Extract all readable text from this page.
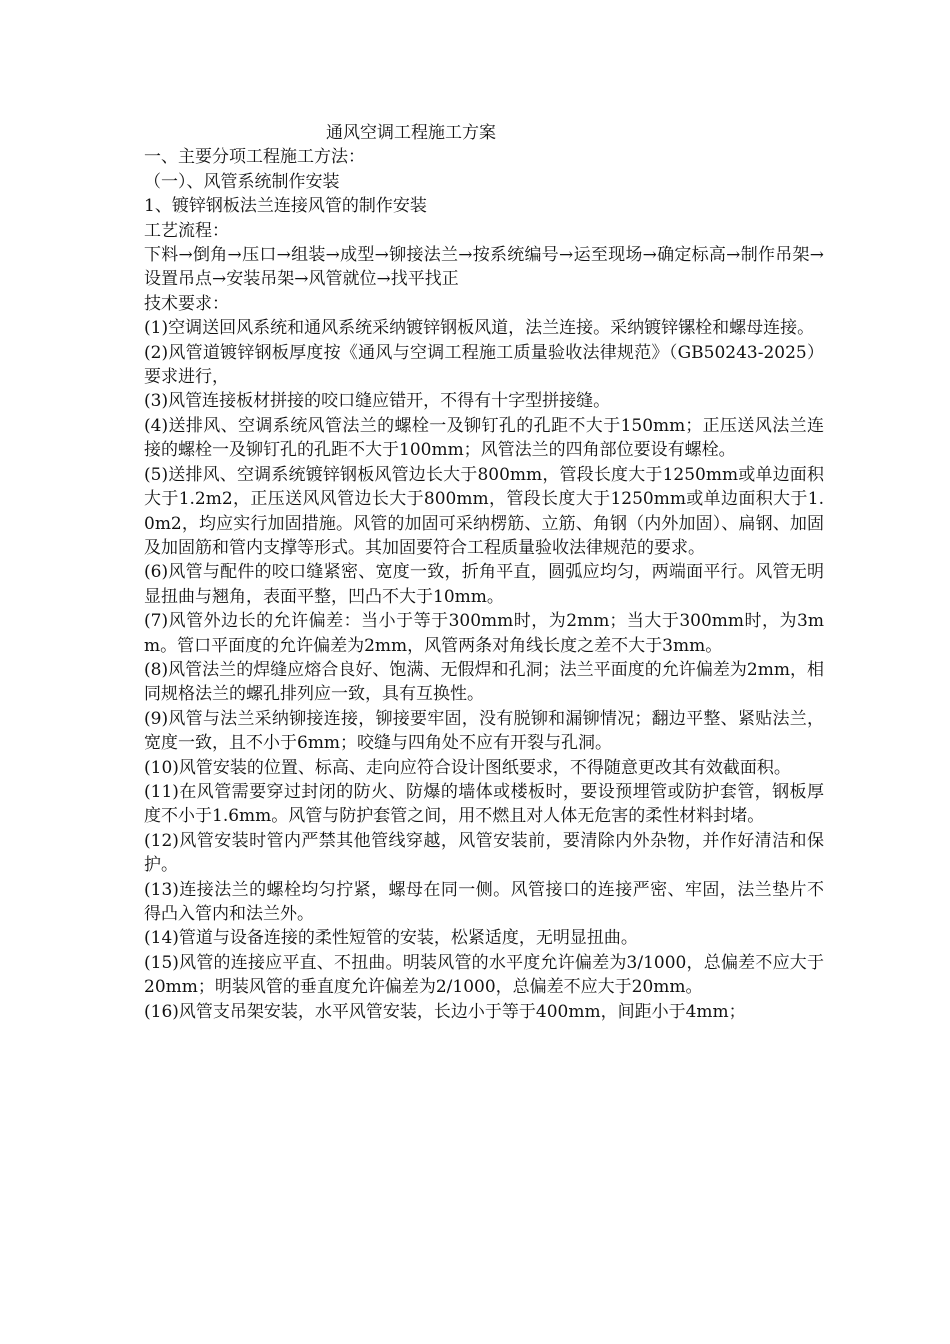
通风空调工程施工方案

一、主要分项工程施工方法：

（一）、风管系统制作安装

1、镀锌钢板法兰连接风管的制作安装

工艺流程：

下料→倒角→压口→组装→成型→铆接法兰→按系统编号→运至现场→确定标高→制作吊架→设置吊点→安装吊架→风管就位→找平找正

技术要求：

(1)空调送回风系统和通风系统采纳镀锌钢板风道，法兰连接。采纳镀锌镙栓和螺母连接。

(2)风管道镀锌钢板厚度按《通风与空调工程施工质量验收法律规范》（GB50243-2025）要求进行，

(3)风管连接板材拼接的咬口缝应错开，不得有十字型拼接缝。

(4)送排风、空调系统风管法兰的螺栓一及铆钉孔的孔距不大于150mm；正压送风法兰连接的螺栓一及铆钉孔的孔距不大于100mm；风管法兰的四角部位要设有螺栓。

(5)送排风、空调系统镀锌钢板风管边长大于800mm，管段长度大于1250mm或单边面积大于1.2m2，正压送风风管边长大于800mm，管段长度大于1250mm或单边面积大于1.0m2，均应实行加固措施。风管的加固可采纳楞筋、立筋、角钢（内外加固）、扁钢、加固及加固筋和管内支撑等形式。其加固要符合工程质量验收法律规范的要求。

(6)风管与配件的咬口缝紧密、宽度一致，折角平直，圆弧应均匀，两端面平行。风管无明显扭曲与翘角，表面平整，凹凸不大于10mm。

(7)风管外边长的允许偏差：当小于等于300mm时，为2mm；当大于300mm时，为3mm。管口平面度的允许偏差为2mm，风管两条对角线长度之差不大于3mm。

(8)风管法兰的焊缝应熔合良好、饱满、无假焊和孔洞；法兰平面度的允许偏差为2mm，相同规格法兰的螺孔排列应一致，具有互换性。

(9)风管与法兰采纳铆接连接，铆接要牢固，没有脱铆和漏铆情况；翻边平整、紧贴法兰，宽度一致，且不小于6mm；咬缝与四角处不应有开裂与孔洞。

(10)风管安装的位置、标高、走向应符合设计图纸要求，不得随意更改其有效截面积。

(11)在风管需要穿过封闭的防火、防爆的墙体或楼板时，要设预埋管或防护套管，钢板厚度不小于1.6mm。风管与防护套管之间，用不燃且对人体无危害的柔性材料封堵。

(12)风管安装时管内严禁其他管线穿越，风管安装前，要清除内外杂物，并作好清洁和保护。

(13)连接法兰的螺栓均匀拧紧，螺母在同一侧。风管接口的连接严密、牢固，法兰垫片不得凸入管内和法兰外。

(14)管道与设备连接的柔性短管的安装，松紧适度，无明显扭曲。

(15)风管的连接应平直、不扭曲。明装风管的水平度允许偏差为3/1000，总偏差不应大于20mm；明装风管的垂直度允许偏差为2/1000，总偏差不应大于20mm。

(16)风管支吊架安装，水平风管安装，长边小于等于400mm，间距小于4mm；
